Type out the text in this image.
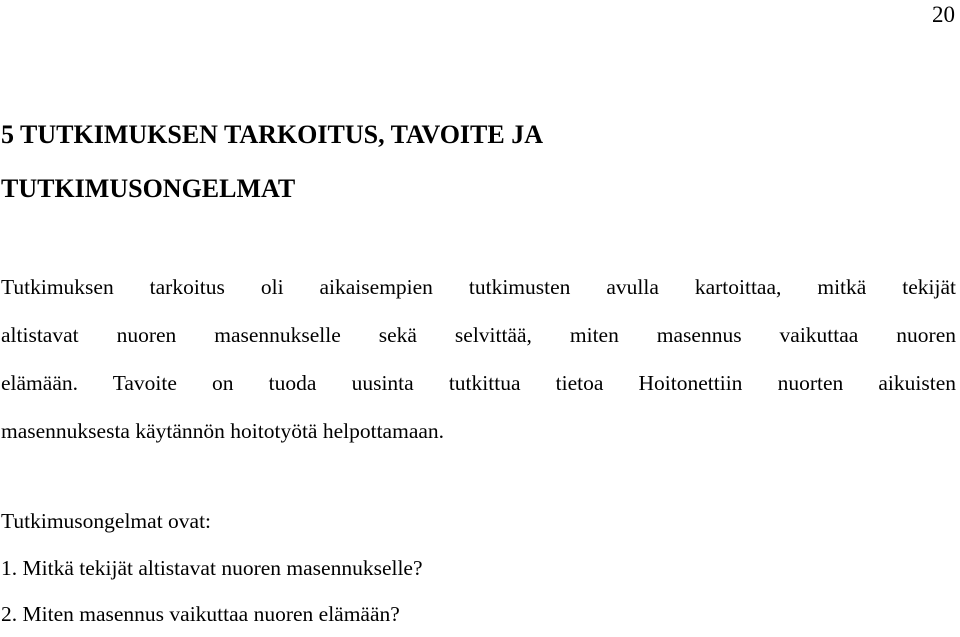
20
5 TUTKIMUKSEN TARKOITUS, TAVOITE JA
TUTKIMUSONGELMAT

Tutkimuksen tarkoitus oli aikaisempien tutkimusten avulla kartoittaa, mitkä tekijät
altistavat nuoren masennukselle sekä selvittää, miten masennus vaikuttaa nuoren
elämään. Tavoite on tuoda uusinta tutkittua tietoa Hoitonettiin nuorten aikuisten
masennuksesta käytännön hoitotyötä helpottamaan.

Tutkimusongelmat ovat:

1. Mitkä tekijät altistavat nuoren masennukselle?
2. Miten masennus vaikuttaa nuoren elämään?
